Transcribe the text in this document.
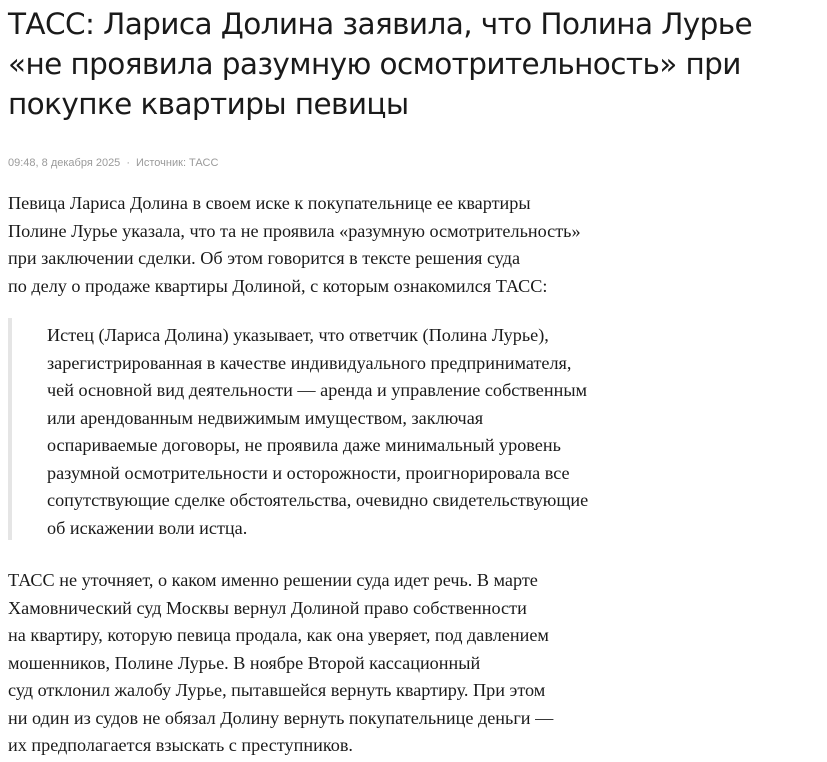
ТАСС: Лариса Долина заявила, что Полина Лурье
«не проявила разумную осмотрительность» при
покупке квартиры певицы
09:48, 8 декабря 2025 · Источник: ТАСС
Певица Лариса Долина в своем иске к покупательнице ее квартиры
Полине Лурье указала, что та не проявила «разумную осмотрительность»
при заключении сделки. Об этом говорится в тексте решения суда
по делу о продаже квартиры Долиной, с которым ознакомился ТАСС:
Истец (Лариса Долина) указывает, что ответчик (Полина Лурье),
зарегистрированная в качестве индивидуального предпринимателя,
чей основной вид деятельности — аренда и управление собственным
или арендованным недвижимым имуществом, заключая
оспариваемые договоры, не проявила даже минимальный уровень
разумной осмотрительности и осторожности, проигнорировала все
сопутствующие сделке обстоятельства, очевидно свидетельствующие
об искажении воли истца.
ТАСС не уточняет, о каком именно решении суда идет речь. В марте
Хамовнический суд Москвы вернул Долиной право собственности
на квартиру, которую певица продала, как она уверяет, под давлением
мошенников, Полине Лурье. В ноябре Второй кассационный
суд отклонил жалобу Лурье, пытавшейся вернуть квартиру. При этом
ни один из судов не обязал Долину вернуть покупательнице деньги —
их предполагается взыскать с преступников.
